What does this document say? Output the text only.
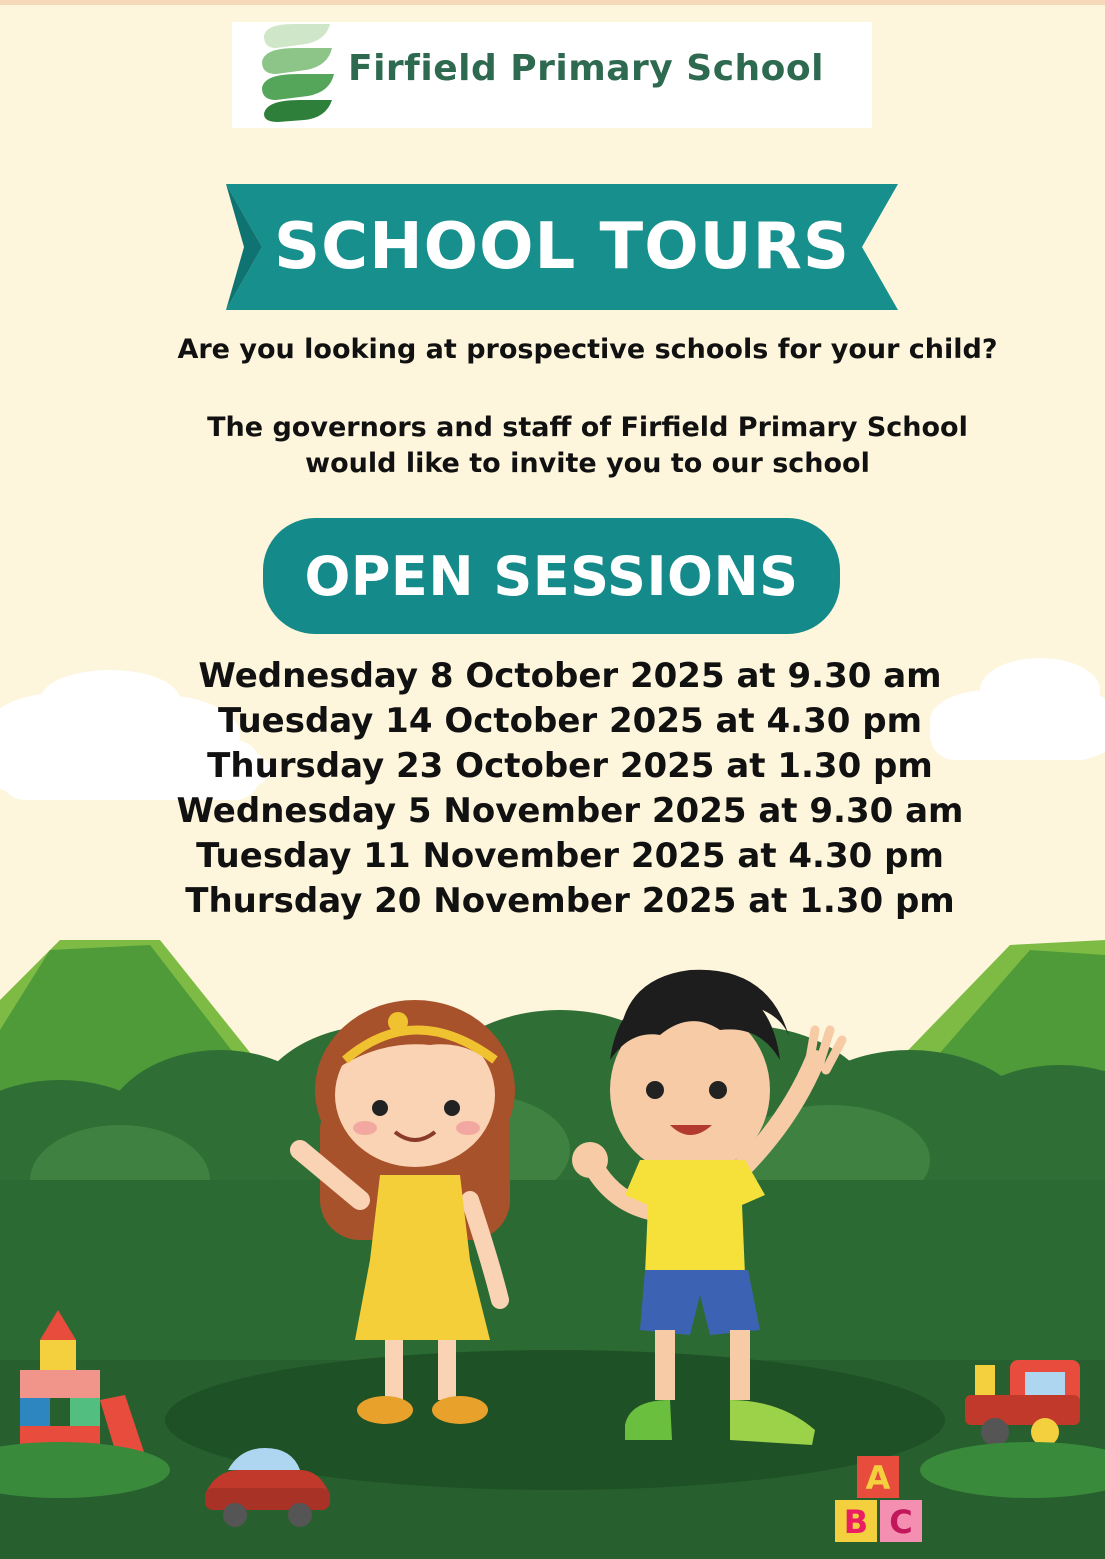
Firfield Primary School
SCHOOL TOURS
Are you looking at prospective schools for your child?
The governors and staff of Firfield Primary School
would like to invite you to our school
OPEN SESSIONS
A
B C
Wednesday 8 October 2025 at 9.30 am
Tuesday 14 October 2025 at 4.30 pm
Thursday 23 October 2025 at 1.30 pm
Wednesday 5 November 2025 at 9.30 am
Tuesday 11 November 2025 at 4.30 pm
Thursday 20 November 2025 at 1.30 pm
